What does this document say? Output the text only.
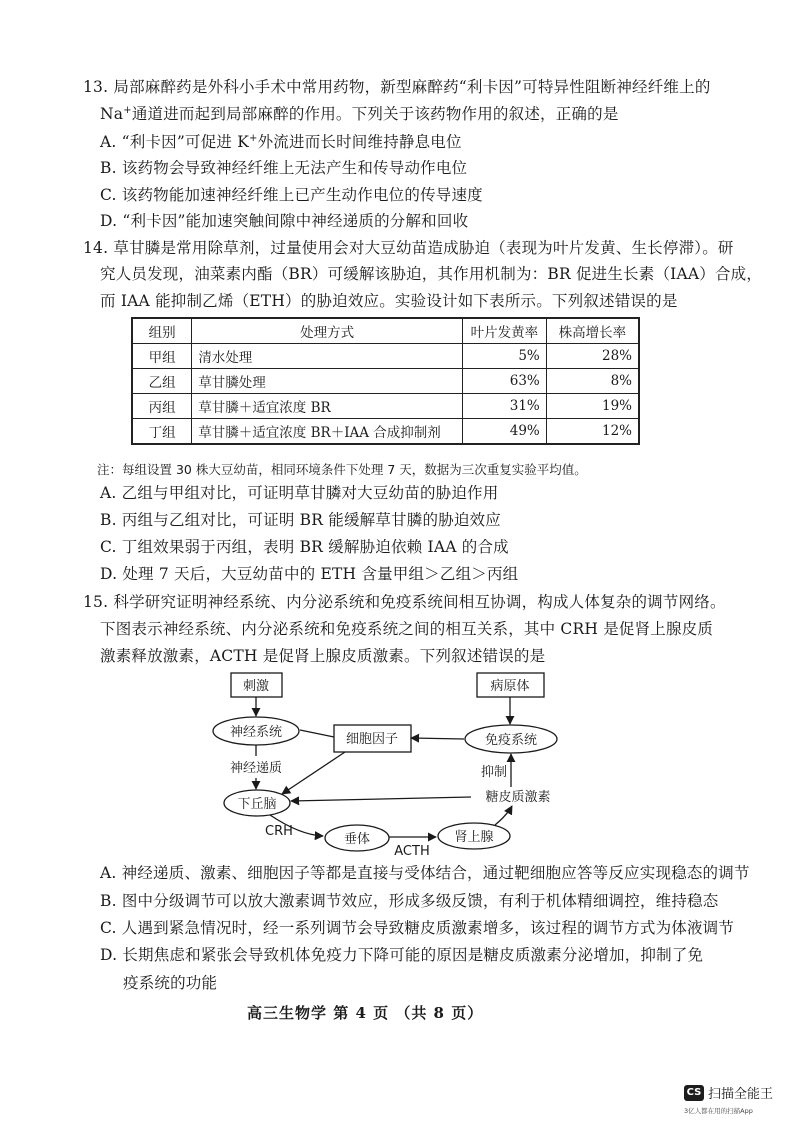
13. 局部麻醉药是外科小手术中常用药物，新型麻醉药“利卡因”可特异性阻断神经纤维上的
Na+通道进而起到局部麻醉的作用。下列关于该药物作用的叙述，正确的是
A. “利卡因”可促进 K+外流进而长时间维持静息电位
B. 该药物会导致神经纤维上无法产生和传导动作电位
C. 该药物能加速神经纤维上已产生动作电位的传导速度
D. “利卡因”能加速突触间隙中神经递质的分解和回收
14. 草甘膦是常用除草剂，过量使用会对大豆幼苗造成胁迫（表现为叶片发黄、生长停滞）。研
究人员发现，油菜素内酯（BR）可缓解该胁迫，其作用机制为：BR 促进生长素（IAA）合成，
而 IAA 能抑制乙烯（ETH）的胁迫效应。实验设计如下表所示。下列叙述错误的是
组别	处理方式	叶片发黄率	株高增长率
甲组	清水处理	5%	28%
乙组	草甘膦处理	63%	8%
丙组	草甘膦＋适宜浓度 BR	31%	19%
丁组	草甘膦＋适宜浓度 BR＋IAA 合成抑制剂	49%	12%
注：每组设置 30 株大豆幼苗，相同环境条件下处理 7 天，数据为三次重复实验平均值。
A. 乙组与甲组对比，可证明草甘膦对大豆幼苗的胁迫作用
B. 丙组与乙组对比，可证明 BR 能缓解草甘膦的胁迫效应
C. 丁组效果弱于丙组，表明 BR 缓解胁迫依赖 IAA 的合成
D. 处理 7 天后，大豆幼苗中的 ETH 含量甲组＞乙组＞丙组
15. 科学研究证明神经系统、内分泌系统和免疫系统间相互协调，构成人体复杂的调节网络。
下图表示神经系统、内分泌系统和免疫系统之间的相互关系，其中 CRH 是促肾上腺皮质
激素释放激素，ACTH 是促肾上腺皮质激素。下列叙述错误的是
刺激	病原体
神经系统	细胞因子	免疫系统
神经递质	抑制
下丘脑	糖皮质激素
CRH
垂体
ACTH
肾上腺
A. 神经递质、激素、细胞因子等都是直接与受体结合，通过靶细胞应答等反应实现稳态的调节
B. 图中分级调节可以放大激素调节效应，形成多级反馈，有利于机体精细调控，维持稳态
C. 人遇到紧急情况时，经一系列调节会导致糖皮质激素增多，该过程的调节方式为体液调节
D. 长期焦虑和紧张会导致机体免疫力下降可能的原因是糖皮质激素分泌增加，抑制了免
疫系统的功能
高三生物学 第 4 页 （共 8 页）
CS 扫描全能王
3亿人都在用的扫描App
